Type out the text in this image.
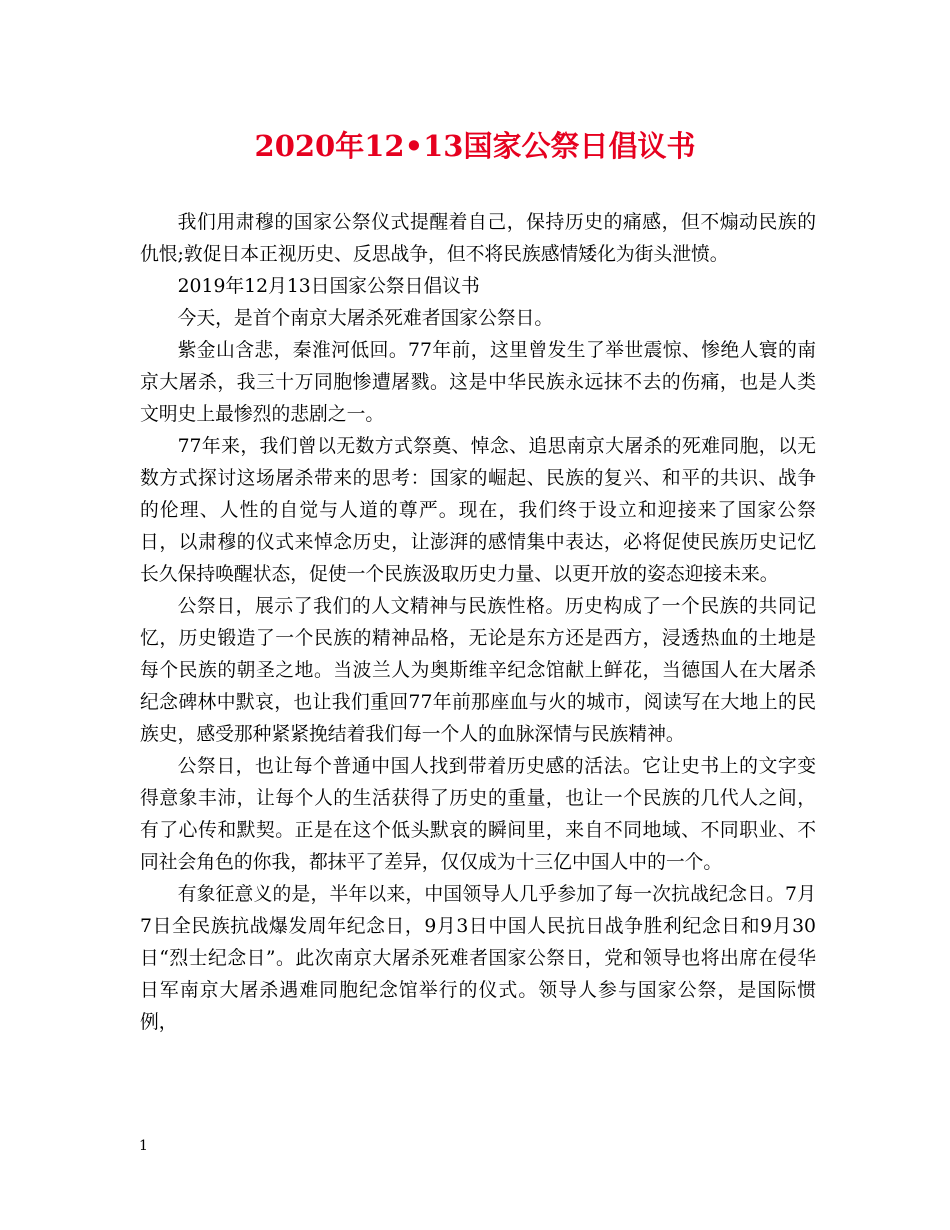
2020年12•13国家公祭日倡议书

我们用肃穆的国家公祭仪式提醒着自己，保持历史的痛感，但不煽动民族的仇恨;敦促日本正视历史、反思战争，但不将民族感情矮化为街头泄愤。

2019年12月13日国家公祭日倡议书

今天，是首个南京大屠杀死难者国家公祭日。

紫金山含悲，秦淮河低回。77年前，这里曾发生了举世震惊、惨绝人寰的南京大屠杀，我三十万同胞惨遭屠戮。这是中华民族永远抹不去的伤痛，也是人类文明史上最惨烈的悲剧之一。

77年来，我们曾以无数方式祭奠、悼念、追思南京大屠杀的死难同胞，以无数方式探讨这场屠杀带来的思考：国家的崛起、民族的复兴、和平的共识、战争的伦理、人性的自觉与人道的尊严。现在，我们终于设立和迎接来了国家公祭日，以肃穆的仪式来悼念历史，让澎湃的感情集中表达，必将促使民族历史记忆长久保持唤醒状态，促使一个民族汲取历史力量、以更开放的姿态迎接未来。

公祭日，展示了我们的人文精神与民族性格。历史构成了一个民族的共同记忆，历史锻造了一个民族的精神品格，无论是东方还是西方，浸透热血的土地是每个民族的朝圣之地。当波兰人为奥斯维辛纪念馆献上鲜花，当德国人在大屠杀纪念碑林中默哀，也让我们重回77年前那座血与火的城市，阅读写在大地上的民族史，感受那种紧紧挽结着我们每一个人的血脉深情与民族精神。

公祭日，也让每个普通中国人找到带着历史感的活法。它让史书上的文字变得意象丰沛，让每个人的生活获得了历史的重量，也让一个民族的几代人之间，有了心传和默契。正是在这个低头默哀的瞬间里，来自不同地域、不同职业、不同社会角色的你我，都抹平了差异，仅仅成为十三亿中国人中的一个。

有象征意义的是，半年以来，中国领导人几乎参加了每一次抗战纪念日。7月7日全民族抗战爆发周年纪念日，9月3日中国人民抗日战争胜利纪念日和9月30日“烈士纪念日”。此次南京大屠杀死难者国家公祭日，党和领导也将出席在侵华日军南京大屠杀遇难同胞纪念馆举行的仪式。领导人参与国家公祭，是国际惯例，

1
